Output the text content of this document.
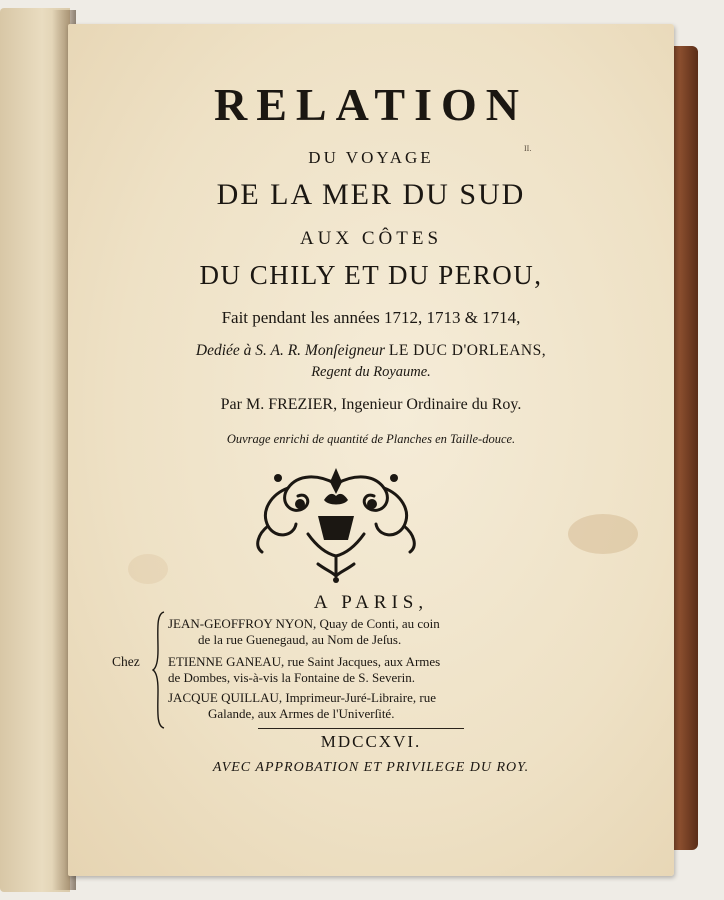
II.
RELATION
DU VOYAGE
DE LA MER DU SUD
AUX CÔTES
DU CHILY ET DU PEROU,
Fait pendant les années 1712, 1713 & 1714,
Dediée à S. A. R. Monſeigneur LE DUC D'ORLEANS,
Regent du Royaume.
Par M. FREZIER, Ingenieur Ordinaire du Roy.
Ouvrage enrichi de quantité de Planches en Taille-douce.
A PARIS,
Chez
JEAN-GEOFFROY NYON, Quay de Conti, au coin
de la rue Guenegaud, au Nom de Jeſus.
ETIENNE GANEAU, rue Saint Jacques, aux Armes
de Dombes, vis-à-vis la Fontaine de S. Severin.
JACQUE QUILLAU, Imprimeur-Juré-Libraire, rue
Galande, aux Armes de l'Univerſité.
MDCCXVI.
AVEC APPROBATION ET PRIVILEGE DU ROY.
